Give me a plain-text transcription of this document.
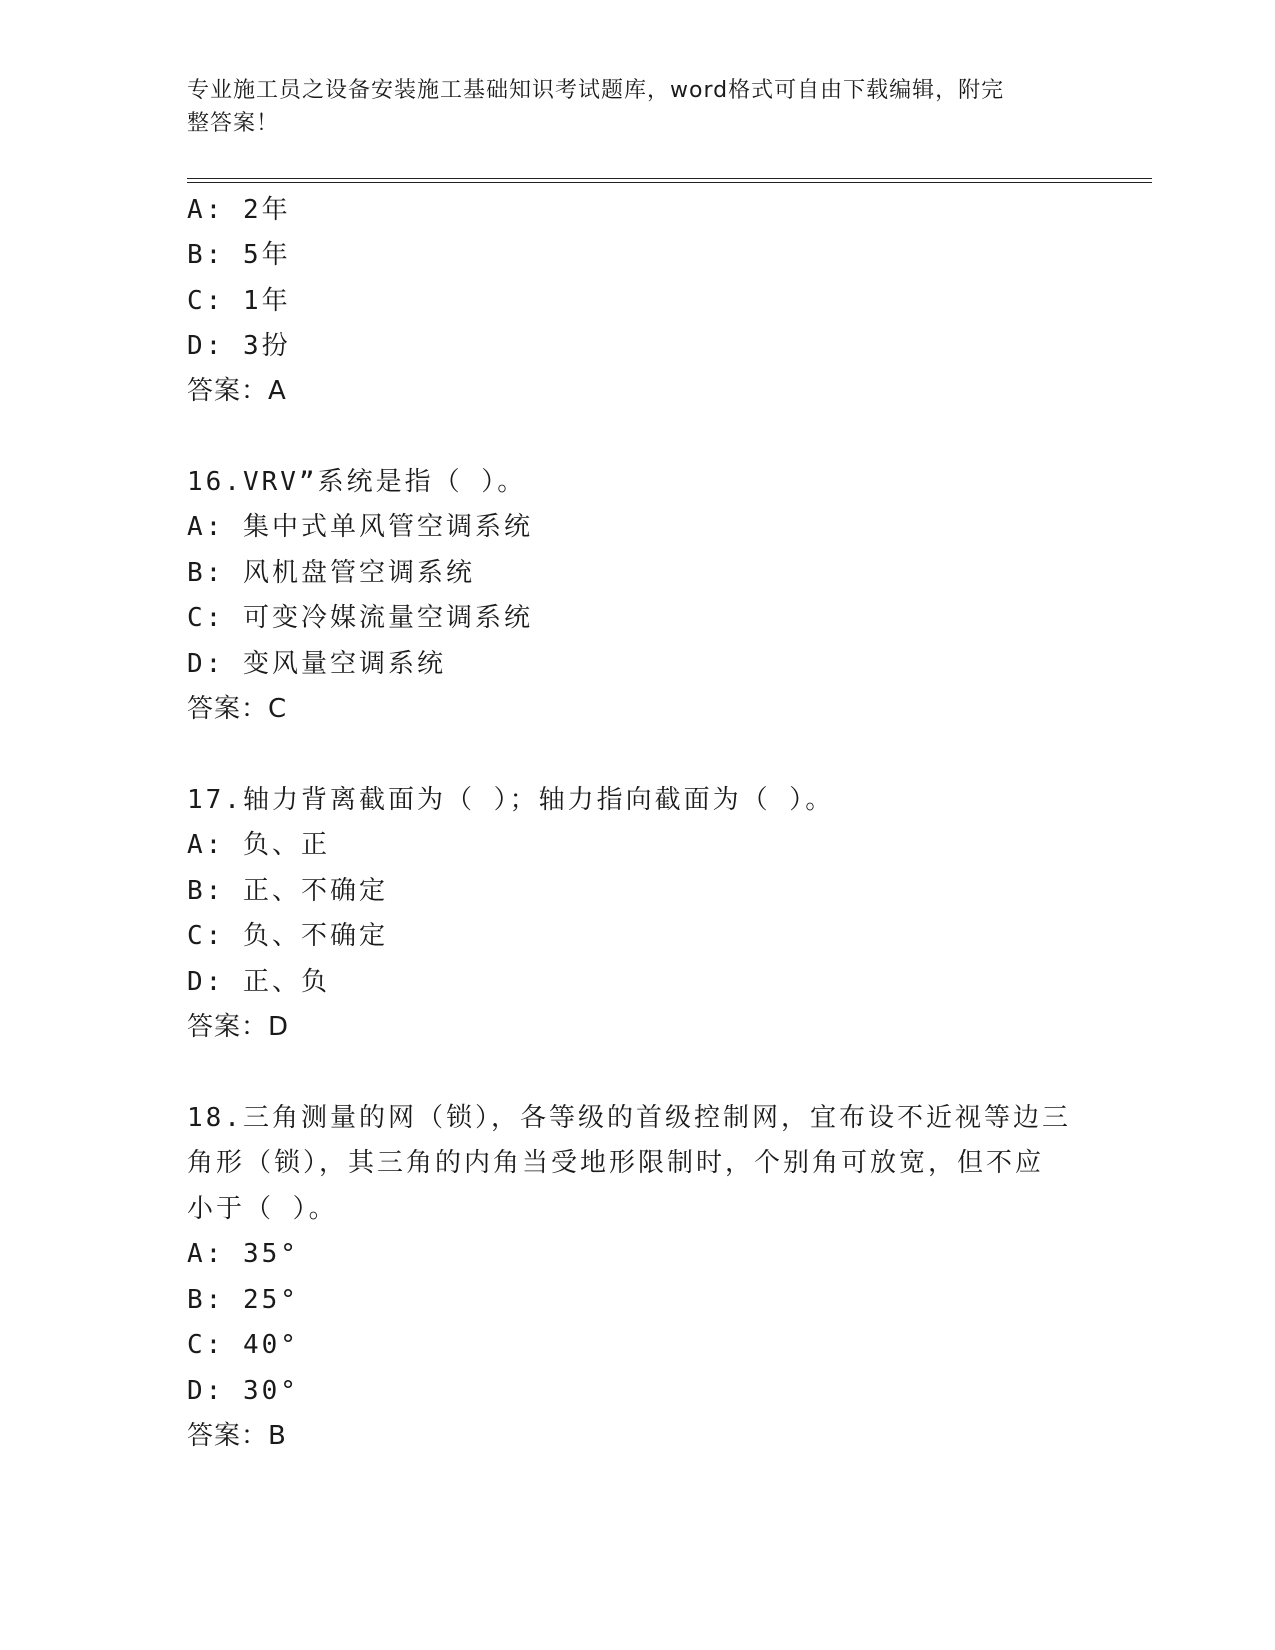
专业施工员之设备安装施工基础知识考试题库，word格式可自由下载编辑，附完
整答案！
A: 2年
B: 5年
C: 1年
D: 3扮
答案：A
16.VRV”系统是指（ ）。
A: 集中式单风管空调系统
B: 风机盘管空调系统
C: 可变冷媒流量空调系统
D: 变风量空调系统
答案：C
17.轴力背离截面为（ ）；轴力指向截面为（ ）。
A: 负、正
B: 正、不确定
C: 负、不确定
D: 正、负
答案：D
18.三角测量的网（锁），各等级的首级控制网，宜布设不近视等边三
角形（锁），其三角的内角当受地形限制时，个别角可放宽，但不应
小于（ ）。
A: 35°
B: 25°
C: 40°
D: 30°
答案：B
